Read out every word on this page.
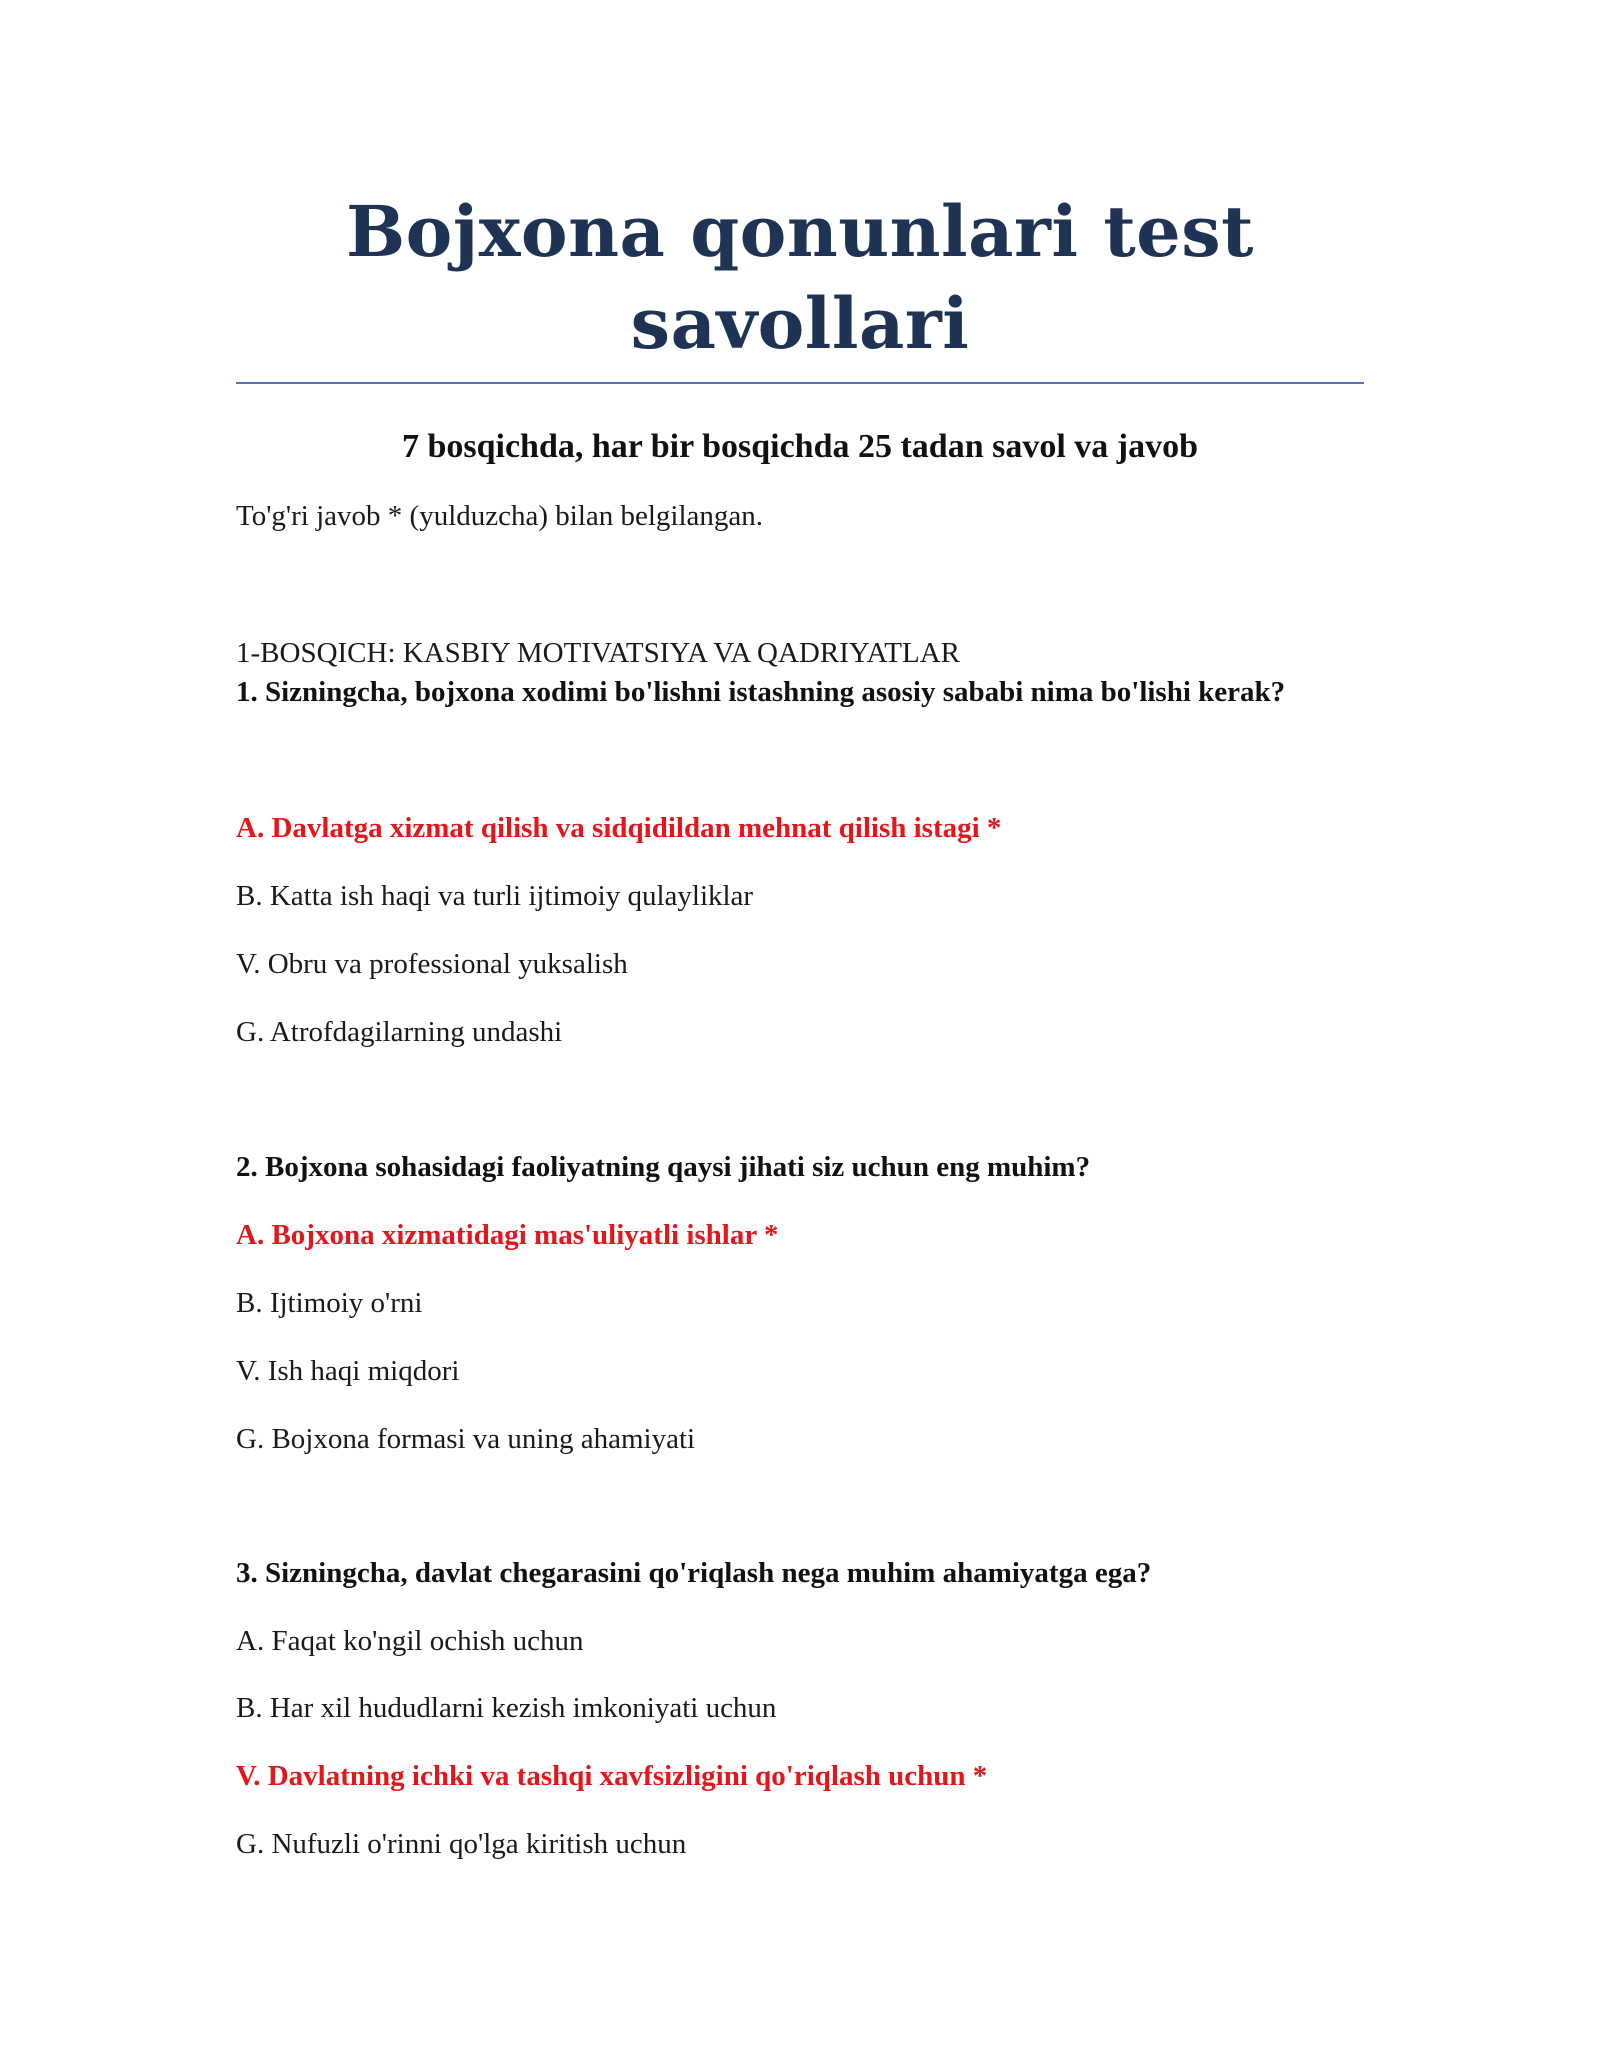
Bojxona qonunlari test
savollari

7 bosqichda, har bir bosqichda 25 tadan savol va javob

To'g'ri javob * (yulduzcha) bilan belgilangan.

1-BOSQICH: KASBIY MOTIVATSIYA VA QADRIYATLAR

1. Sizningcha, bojxona xodimi bo'lishni istashning asosiy sababi nima bo'lishi kerak?

A. Davlatga xizmat qilish va sidqidildan mehnat qilish istagi *

B. Katta ish haqi va turli ijtimoiy qulayliklar

V. Obru va professional yuksalish

G. Atrofdagilarning undashi

2. Bojxona sohasidagi faoliyatning qaysi jihati siz uchun eng muhim?

A. Bojxona xizmatidagi mas'uliyatli ishlar *

B. Ijtimoiy o'rni

V. Ish haqi miqdori

G. Bojxona formasi va uning ahamiyati

3. Sizningcha, davlat chegarasini qo'riqlash nega muhim ahamiyatga ega?

A. Faqat ko'ngil ochish uchun

B. Har xil hududlarni kezish imkoniyati uchun

V. Davlatning ichki va tashqi xavfsizligini qo'riqlash uchun *

G. Nufuzli o'rinni qo'lga kiritish uchun
